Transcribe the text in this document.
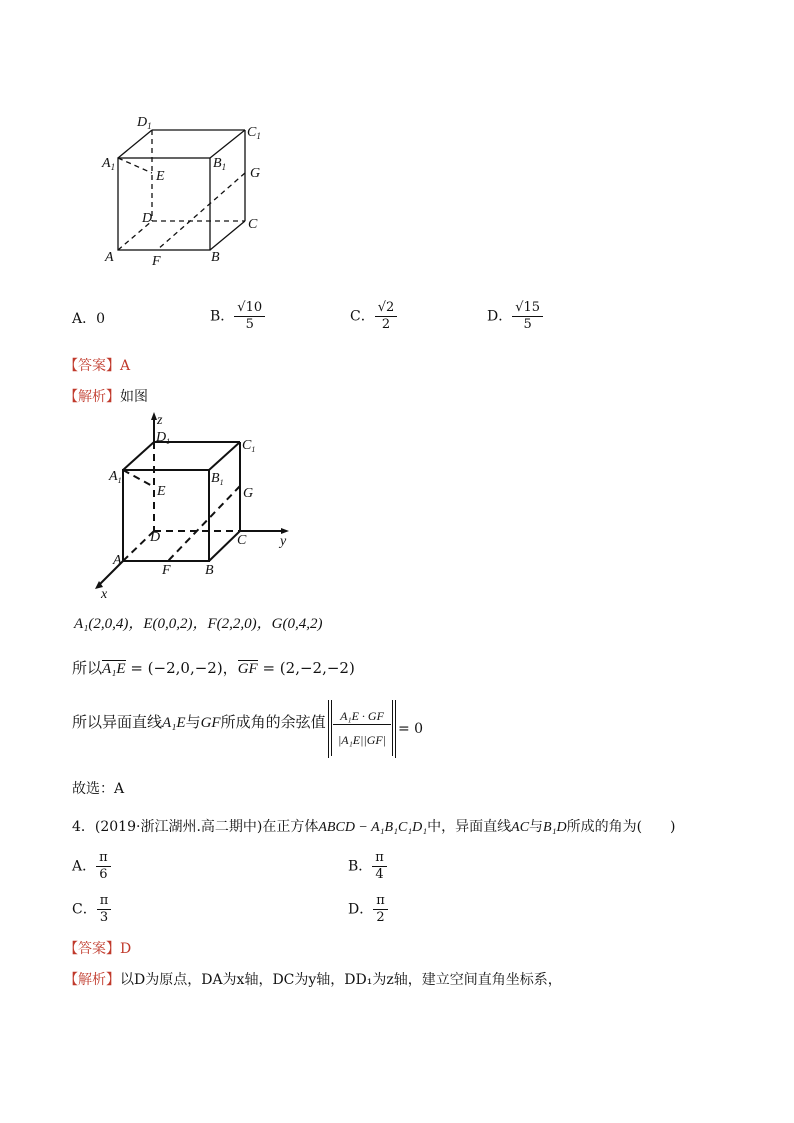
$D_1$	$C_1$
$A_1$	$B_1$
E	G
D	C
A	F	B
A．0	B． $\frac{√10}{5}$	C． $\frac{√2}{2}$	D． $\frac{√15}{5}$
【答案】A
【解析】如图
z
$D_1$	$C_1$
$A_1$	$B_1$
E	G
D	C y
A
F B
x
A₁(2,0,4)，E(0,0,2)，F(2,2,0)，G(0,4,2)
所以
A₁E = (−2,0,−2)，
GF = (2,−2,−2)
所以异面直线A₁E与GF所成角的余弦值	A₁E · GF
|A₁E||GF|
= 0
故选：A
4．(2019·浙江湖州.高二期中)在正方体ABCD − A₁B₁C₁D₁中，异面直线AC与B₁D所成的角为(　　)
A． $\frac{\pi}{6}$	B． $\frac{\pi}{4}$
C． $\frac{\pi}{3}$	D． $\frac{\pi}{2}$
【答案】D
【解析】以D为原点，DA为x轴，DC为y轴，DD₁为z轴，建立空间直角坐标系，
